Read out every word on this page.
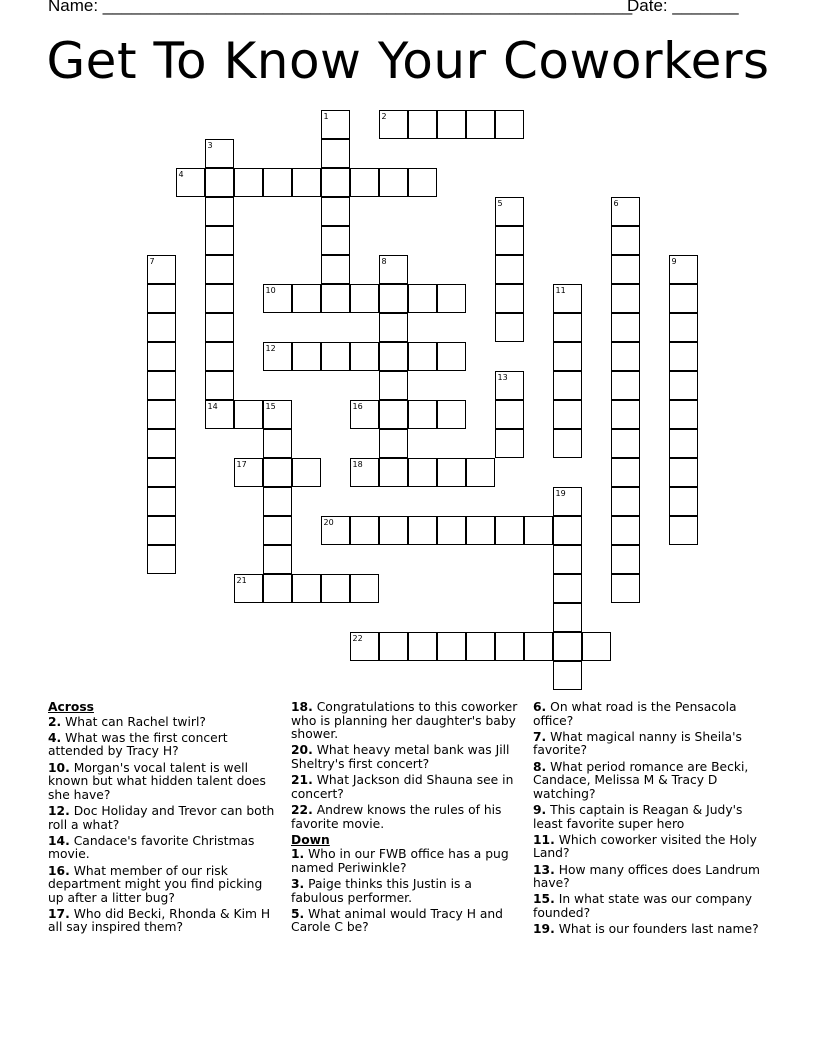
Name: ________________________________________________________
Date: _______
Get To Know Your Coworkers
1	2
3
14
4
5	6
7	8	9
10	11
12
13
15	16
17	18
19
20
21
22
Across
2. What can Rachel twirl?
4. What was the first concert attended by Tracy H?
10. Morgan's vocal talent is well known but what hidden talent does she have?
12. Doc Holiday and Trevor can both roll a what?
14. Candace's favorite Christmas movie.
16. What member of our risk department might you find picking up after a litter bug?
17. Who did Becki, Rhonda & Kim H all say inspired them?
18. Congratulations to this coworker who is planning her daughter's baby shower.
20. What heavy metal bank was Jill Sheltry's first concert?
21. What Jackson did Shauna see in concert?
22. Andrew knows the rules of his favorite movie.
Down
1. Who in our FWB office has a pug named Periwinkle?
3. Paige thinks this Justin is a fabulous performer.
5. What animal would Tracy H and Carole C be?
6. On what road is the Pensacola office?
7. What magical nanny is Sheila's favorite?
8. What period romance are Becki, Candace, Melissa M & Tracy D watching?
9. This captain is Reagan & Judy's least favorite super hero
11. Which coworker visited the Holy Land?
13. How many offices does Landrum have?
15. In what state was our company founded?
19. What is our founders last name?
